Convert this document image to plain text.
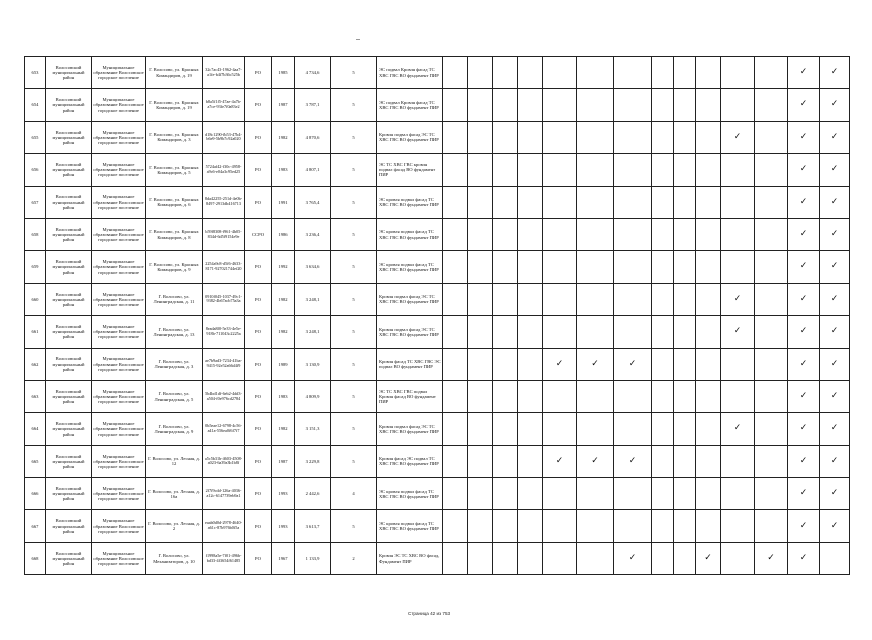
653	Волосовский муниципальный район	Муниципальное образование Волосовское городское поселение	Г. Волосово, ул. Красных Командиров, д. 19	32c7ac43-1962-4aa7-a1fe-b4f7b36c525b	РО	1985	4 734,6	5	ЭС подвал Кровля фасад ТС ХВС ГВС ВО фундамент ПИР													✓	✓	
654	Волосовский муниципальный район	Муниципальное образование Волосовское городское поселение	Г. Волосово, ул. Красных Командиров, д. 19	b8a5f1f5-47ae-4a7b-a7ce-93fe7f0a83e2	РО	1987	3 787,1	5	ЭС подвал Кровля фасад ТС ХВС ГВС ВО фундамент ПИР													✓	✓	
655	Волосовский муниципальный район	Муниципальное образование Волосовское городское поселение	Г. Волосово, ул. Красных Командиров, д. 3	d18c1290-fb53-47b4-b6e9-5b9b7c92a020	РО	1982	4 870,6	5	Кровля подвал фасад ЭС ТС ХВС ГВС ВО фундамент ПИР											✓		✓	✓	
656	Волосовский муниципальный район	Муниципальное образование Волосовское городское поселение	Г. Волосово, ул. Красных Командиров, д. 5	5724af42-f30c-4958-a9c6-e04a3c95ed25	РО	1983	4 807,1	5	ЭС ТС ХВС ГВС кровля подвал фасад ВО фундамент ПИР													✓	✓	
657	Волосовский муниципальный район	Муниципальное образование Волосовское городское поселение	Г. Волосово, ул. Красных Командиров, д. 6	8da42255-251d-4e0b-8497-2913db416713	РО	1991	3 765,4	5	ЭС кровля подвал фасад ТС ХВС ГВС ВО фундамент ПИР													✓	✓	
658	Волосовский муниципальный район	Муниципальное образование Волосовское городское поселение	Г. Волосово, ул. Красных Командиров, д. 8	b59f8308-f961-4b05-834d-6d5f9154e9e	ССРО	1986	3 236,4	5	ЭС кровля подвал фасад ТС ХВС ГВС ВО фундамент ПИР													✓	✓	
659	Волосовский муниципальный район	Муниципальное образование Волосовское городское поселение	Г. Волосово, ул. Красных Командиров, д. 9	2254a9c8-d5f6-4633-8171-927021744ef20	РО	1992	3 634,6	5	ЭС кровля подвал фасад ТС ХВС ГВС ВО фундамент ПИР													✓	✓	
660	Волосовский муниципальный район	Муниципальное образование Волосовское городское поселение	Г. Волосово, ул. Ленинградская, д. 11	0910f045-1037-49c1-9382-4b67acb75a3a	РО	1982	3 248,1	5	Кровля подвал фасад ЭС ТС ХВС ГВС ВО фундамент ПИР											✓		✓	✓	
661	Волосовский муниципальный район	Муниципальное образование Волосовское городское поселение	Г. Волосово, ул. Ленинградская, д. 13	8eada8f0-5e33-4e5e-918b-711043c2225a	РО	1982	3 248,1	5	Кровля подвал фасад ЭС ТС ХВС ГВС ВО фундамент ПИР											✓		✓	✓	
662	Волосовский муниципальный район	Муниципальное образование Волосовское городское поселение	Г. Волосово, ул. Ленинградская, д. 3	ae7b9ad3-7234-41ba-9415-92e52a66d4f9	РО	1989	3 130,9	5	Кровля фасад ТС ХВС ГВС ЭС подвал ВО фундамент ПИР					✓	✓	✓						✓	✓	
663	Волосовский муниципальный район	Муниципальное образование Волосовское городское поселение	Г. Волосово, ул. Ленинградская, д. 5	5b4bd1df-6eb2-4dd3-a504-f0e976cd2784	РО	1983	4 809,9	5	ЭС ТС ХВС ГВС подвал Кровля фасад ВО фундамент ПИР													✓	✓	
664	Волосовский муниципальный район	Муниципальное образование Волосовское городское поселение	Г. Волосово, ул. Ленинградская, д. 9	0b5eae12-6798-4c56-a41a-556ea0f6f7f7	РО	1982	3 151,3	5	Кровля подвал фасад ЭС ТС ХВС ГВС ВО фундамент ПИР											✓		✓	✓	
665	Волосовский муниципальный район	Муниципальное образование Волосовское городское поселение	Г. Волосово, ул. Лесная, д. 12	a5c5b31b-4603-4508-a023-6a39a3b1b8f	РО	1987	3 229,8	5	Кровля фасад ЭС подвал ТС ХВС ГВС ВО фундамент ПИР					✓	✓	✓						✓	✓	
666	Волосовский муниципальный район	Муниципальное образование Волосовское городское поселение	Г. Волосово, ул. Лесная, д. 16а	2f7f9cdd-126a-4036-a12c-6147739eb9a1	РО	1993	2 442,6	4	ЭС кровля подвал фасад ТС ХВС ГВС ВО фундамент ПИР													✓	✓	
667	Волосовский муниципальный район	Муниципальное образование Волосовское городское поселение	Г. Волосово, ул. Лесная, д. 2	eaab0d0d-2978-4640-a61c-87b976b0f5a	РО	1993	3 613,7	5	ЭС кровля подвал фасад ТС ХВС ГВС ВО фундамент ПИР													✓	✓	
668	Волосовский муниципальный район	Муниципальное образование Волосовское городское поселение	Г. Волосово, ул. Механизаторов, д. 10	f1998a5e-7f01-496b-bd33-4f3654f61485	РО	1967	1 133,9	2	Кровля ЭС ТС ХВС ВО фасад, Фундамент ПИР							✓			✓		✓	✓		
Страница 42 из 753
